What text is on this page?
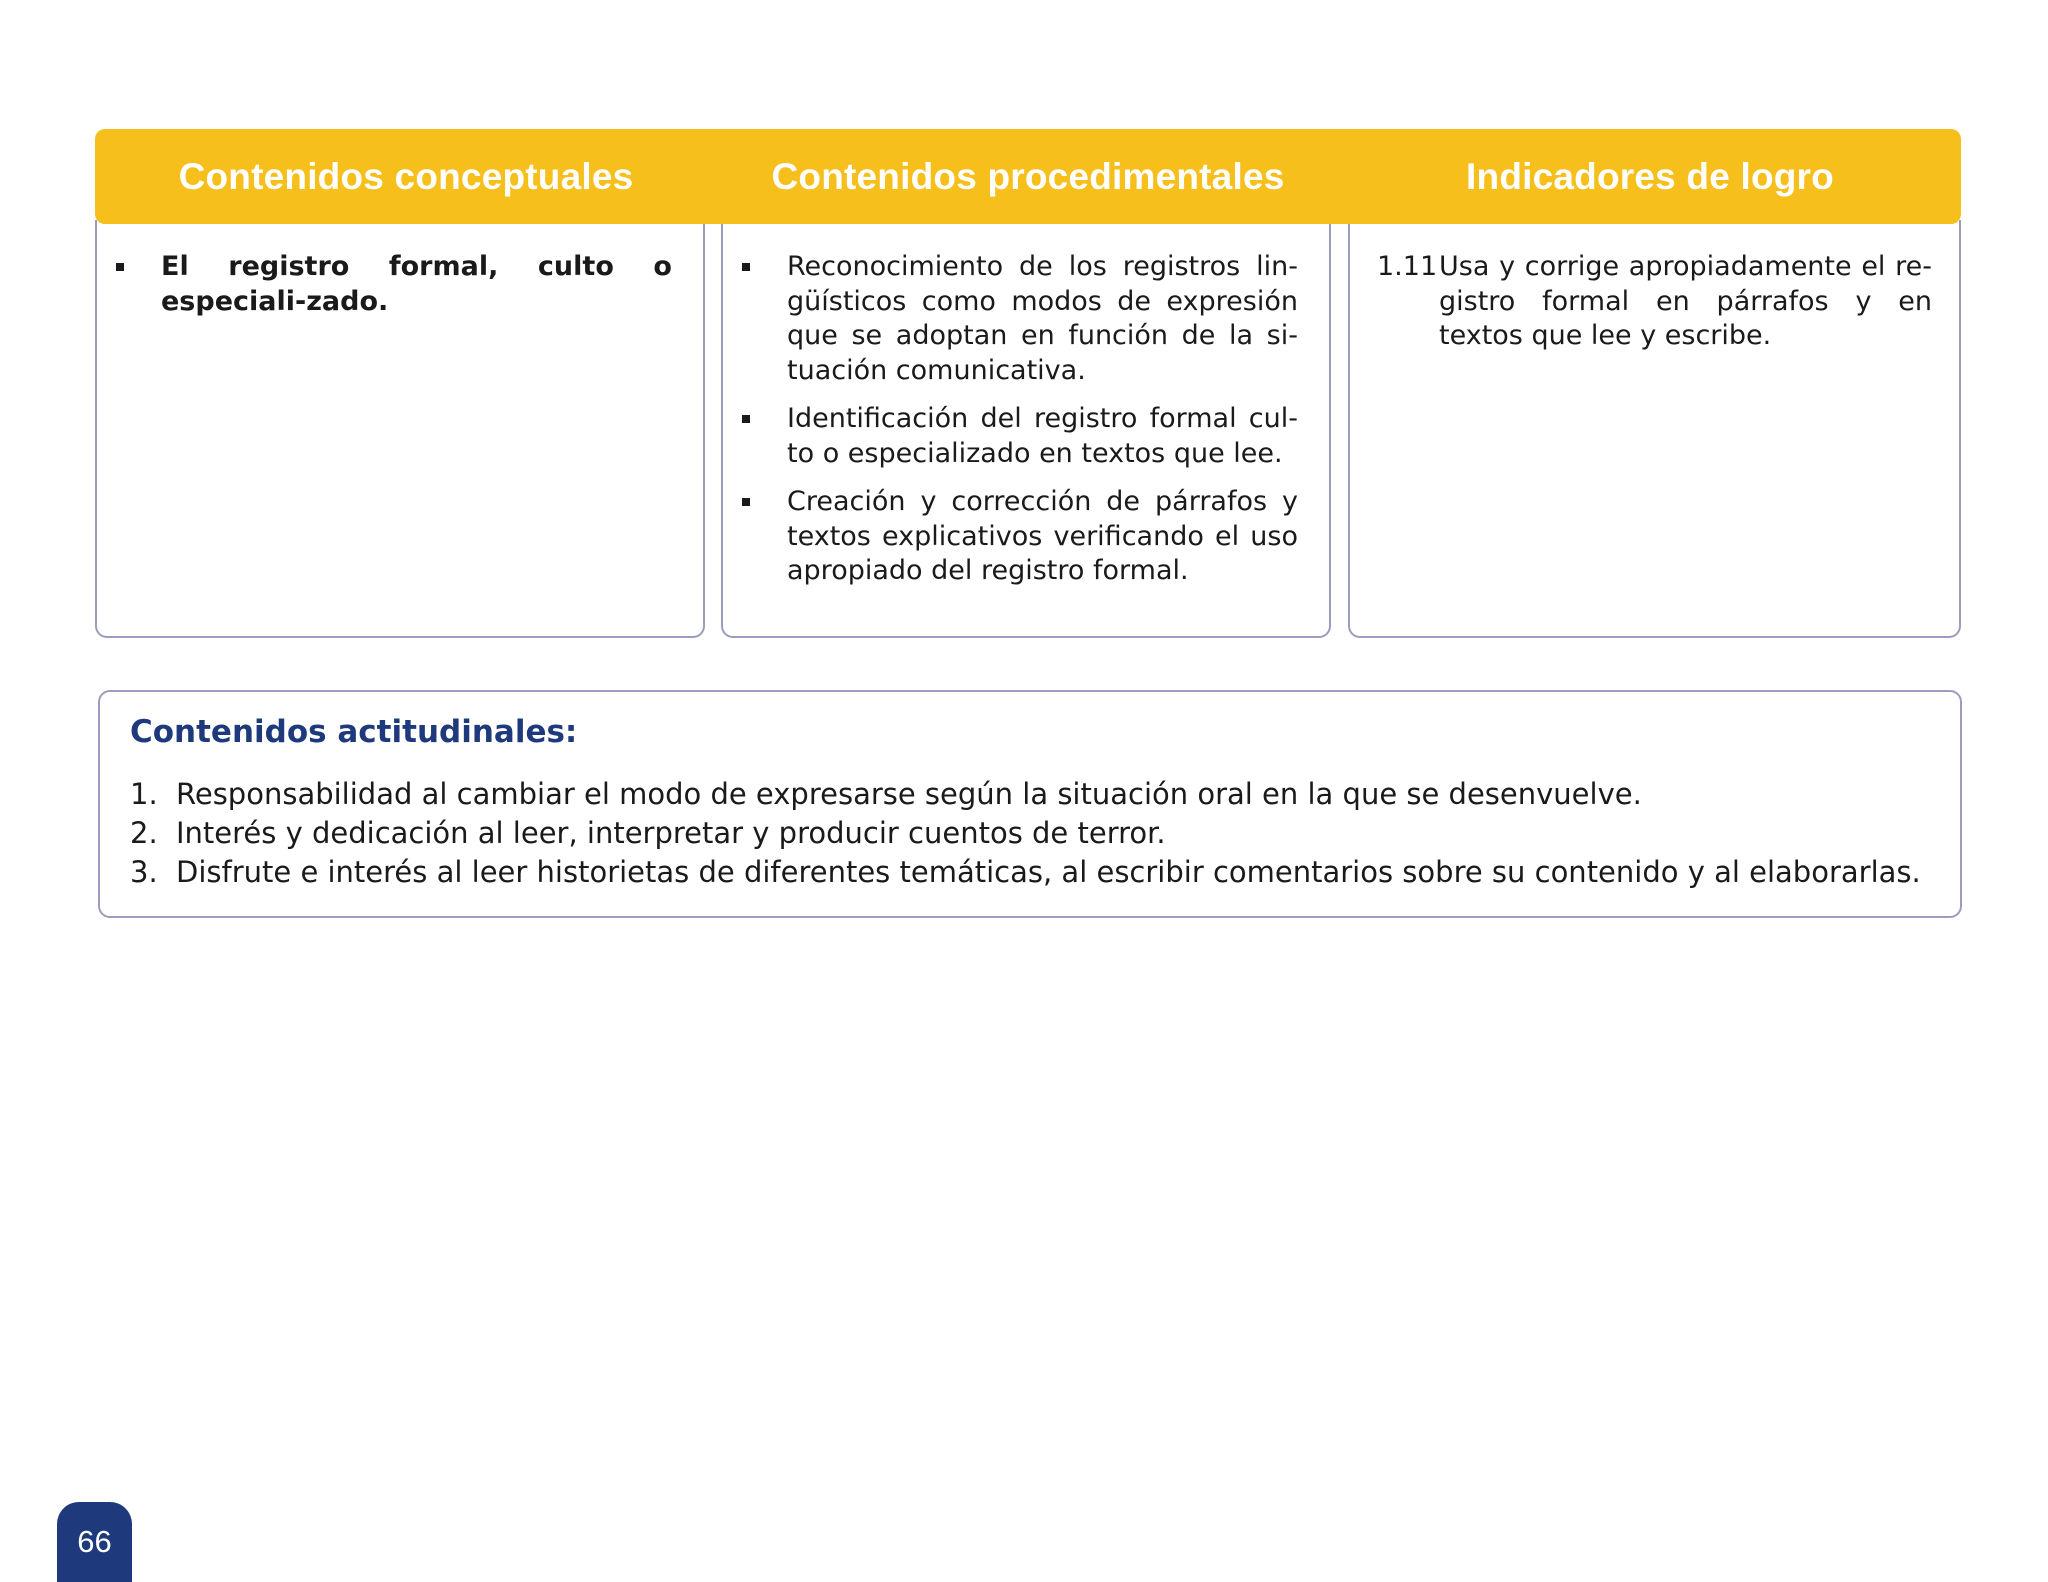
El registro formal, culto o especiali-zado.
Reconocimiento de los registros lin-güísticos como modos de expresión que se adoptan en función de la si-tuación comunicativa.
Identificación del registro formal cul-to o especializado en textos que lee.
Creación y corrección de párrafos y textos explicativos verificando el uso apropiado del registro formal.
1.11 Usa y corrige apropiadamente el re-gistro formal en párrafos y en textos que lee y escribe.
Contenidos conceptuales	Contenidos procedimentales	Indicadores de logro
Contenidos actitudinales:
1. Responsabilidad al cambiar el modo de expresarse según la situación oral en la que se desenvuelve.
2. Interés y dedicación al leer, interpretar y producir cuentos de terror.
3. Disfrute e interés al leer historietas de diferentes temáticas, al escribir comentarios sobre su contenido y al elaborarlas.
66
